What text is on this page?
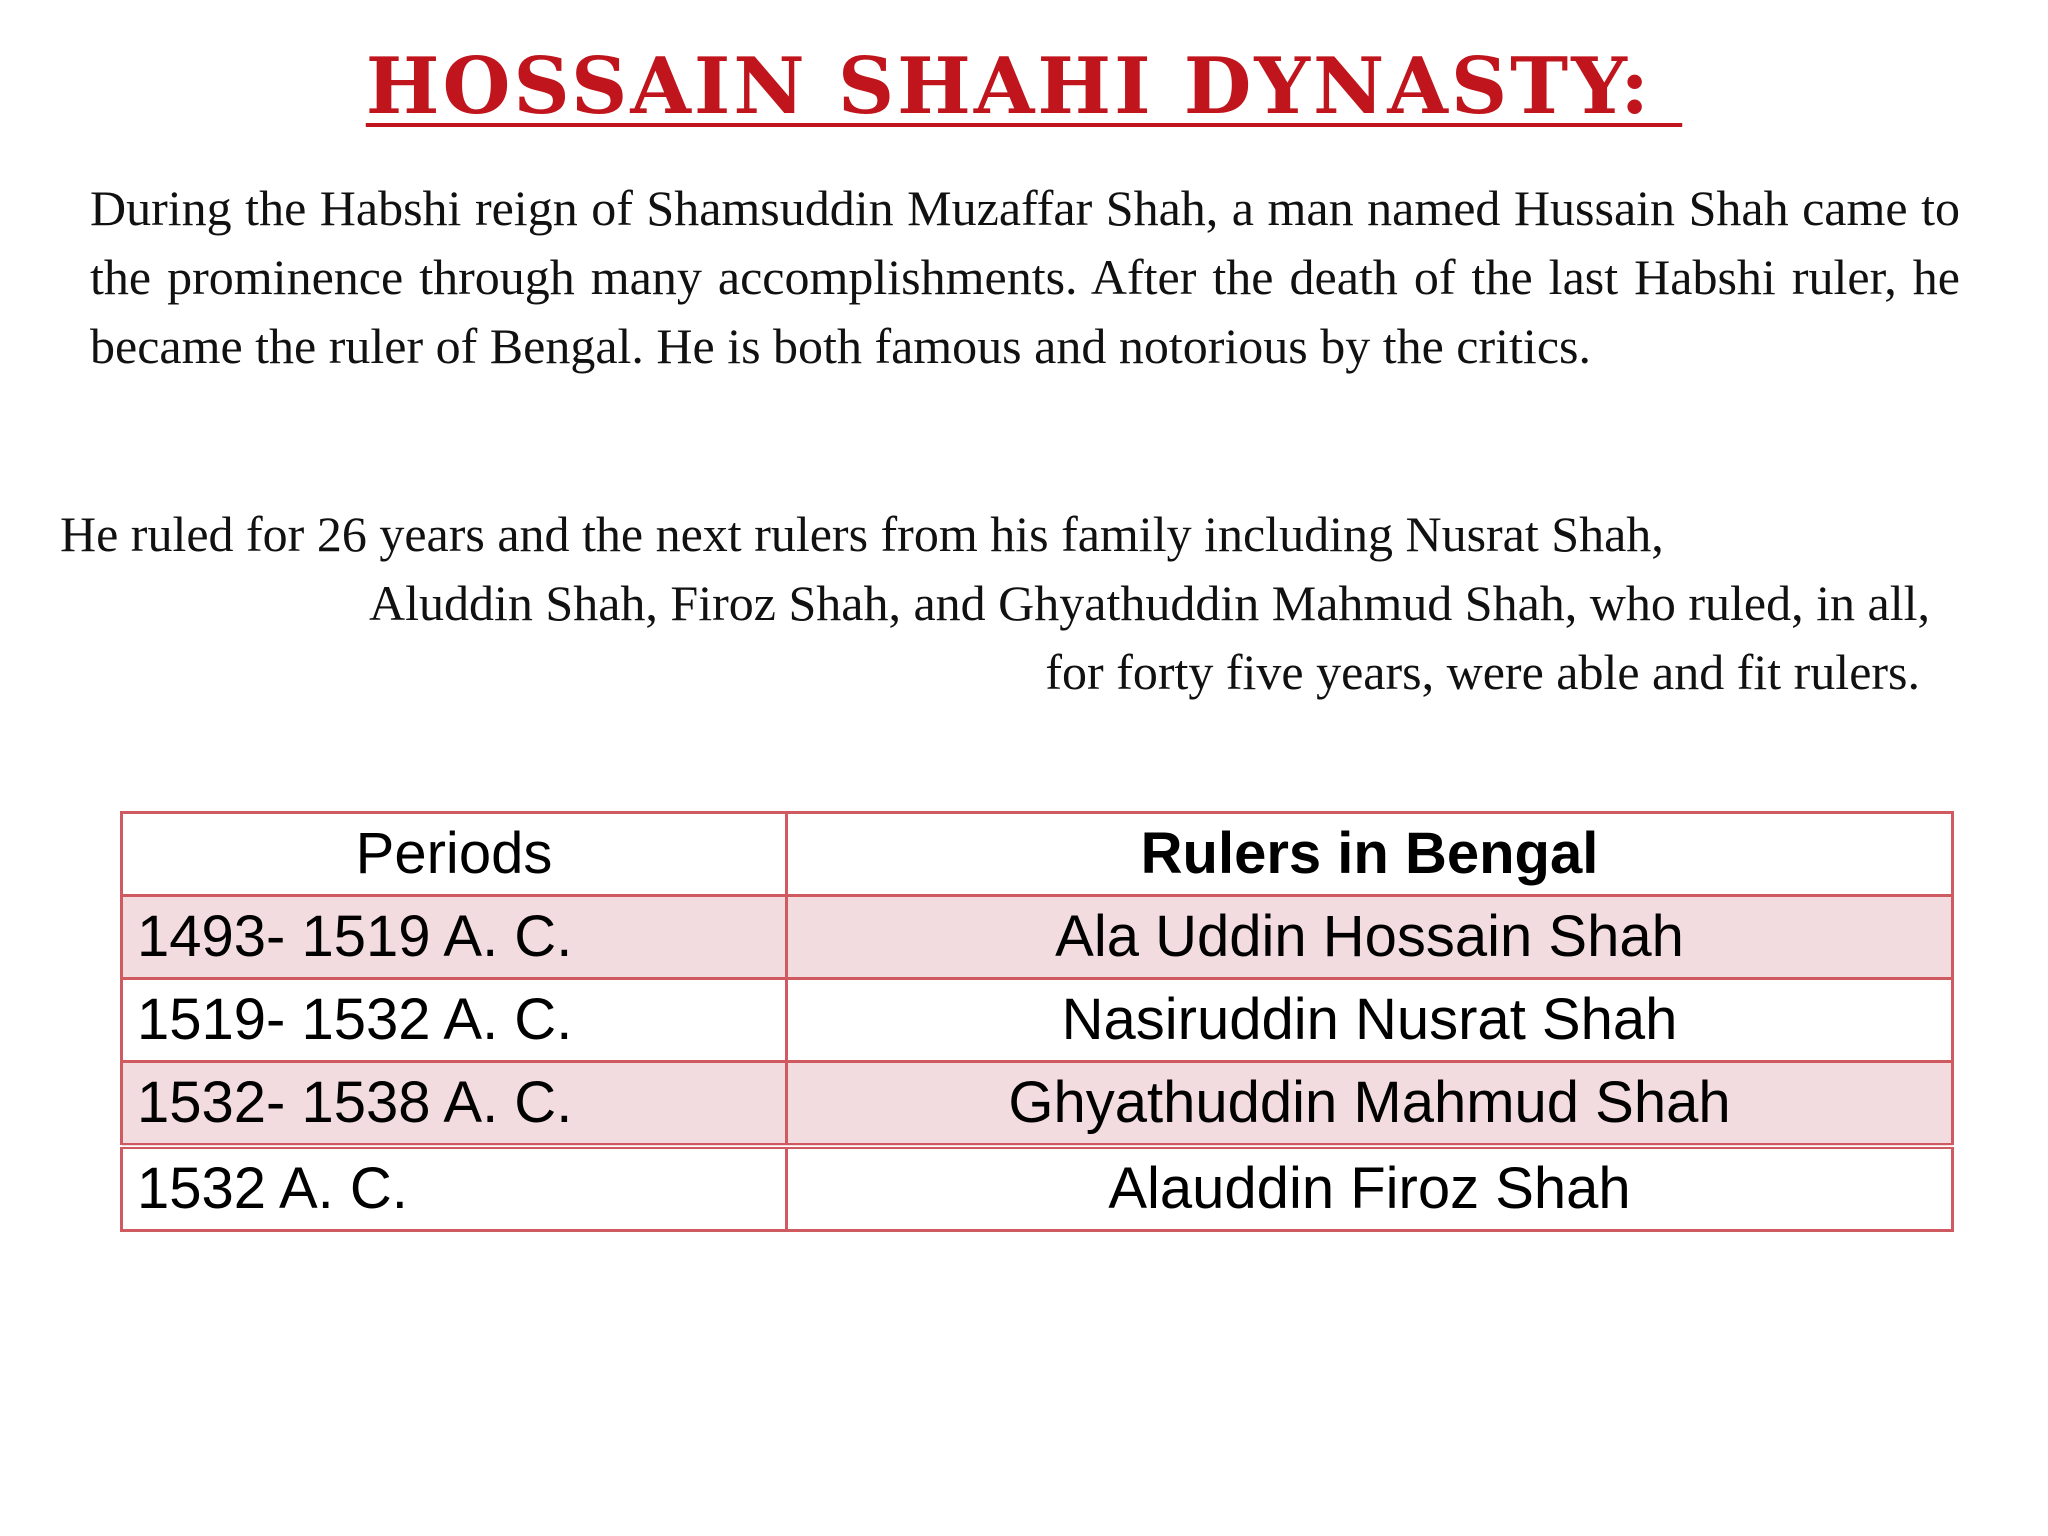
HOSSAIN SHAHI DYNASTY:

During the Habshi reign of Shamsuddin Muzaffar Shah, a man named Hussain Shah came to the prominence through many accomplishments. After the death of the last Habshi ruler, he became the ruler of Bengal. He is both famous and notorious by the critics.

He ruled for 26 years and the next rulers from his family including Nusrat Shah,
Aluddin Shah, Firoz Shah, and Ghyathuddin Mahmud Shah, who ruled, in all,
for forty five years, were able and fit rulers.
Periods	Rulers in Bengal
1493- 1519 A. C.	Ala Uddin Hossain Shah
1519- 1532 A. C.	Nasiruddin Nusrat Shah
1532- 1538 A. C.	Ghyathuddin Mahmud Shah
1532 A. C.	Alauddin Firoz Shah
